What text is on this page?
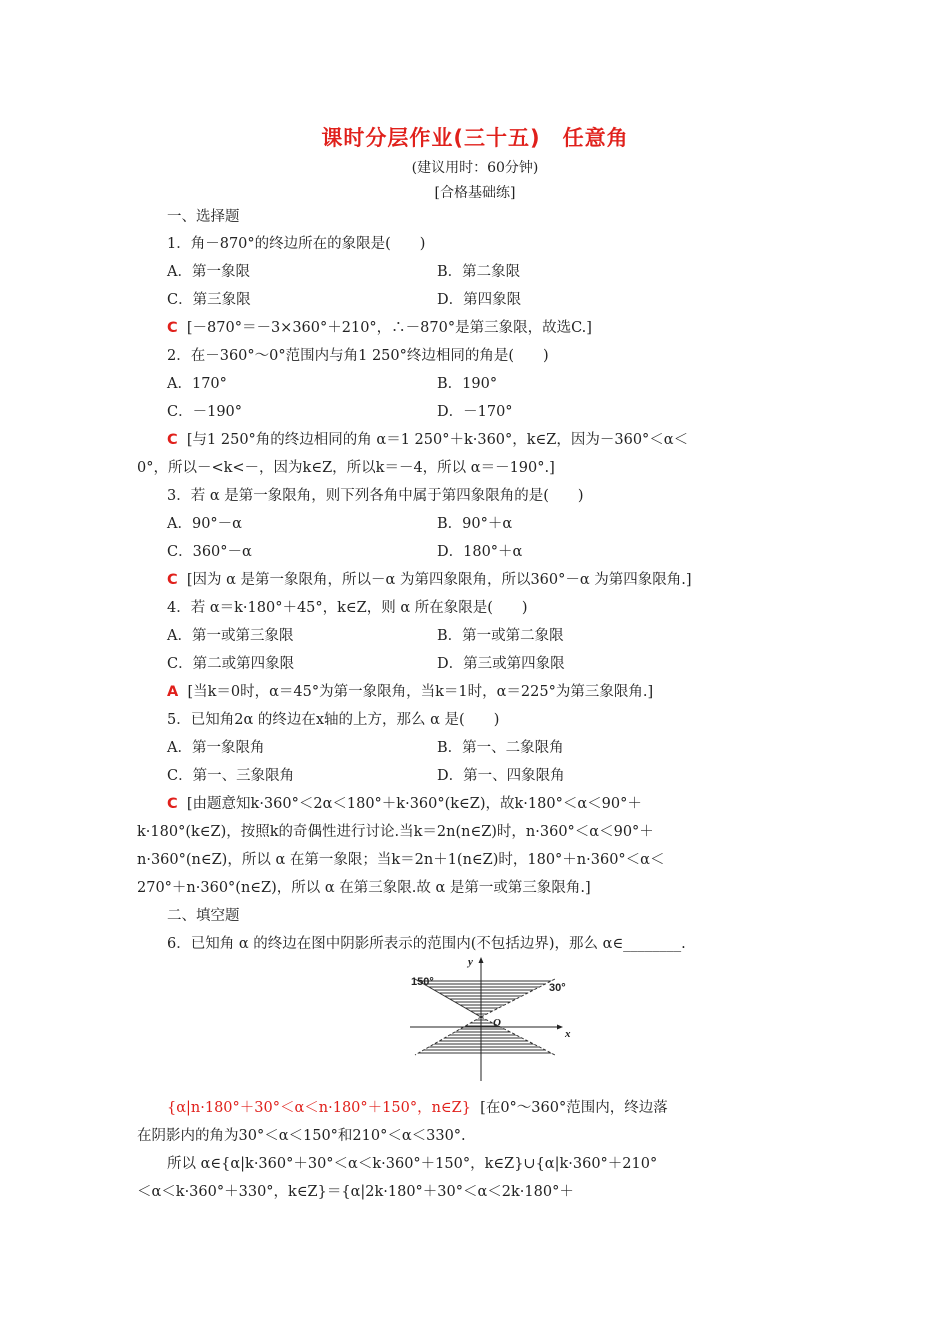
课时分层作业(三十五)　任意角
(建议用时：60分钟)
[合格基础练]
一、选择题
1．角－870°的终边所在的象限是(　　)
A．第一象限	B．第二象限
C．第三象限	D．第四象限
C [－870°＝－3×360°＋210°，∴－870°是第三象限，故选C.]
2．在－360°～0°范围内与角1 250°终边相同的角是(　　)
A．170°	B．190°
C．－190°	D．－170°
C [与1 250°角的终边相同的角 α＝1 250°＋k·360°，k∈Z，因为－360°＜α＜
0°，所以－<k<－，因为k∈Z，所以k＝－4，所以 α＝－190°.]
3．若 α 是第一象限角，则下列各角中属于第四象限角的是(　　)
A．90°－α	B．90°＋α
C．360°－α	D．180°＋α
C [因为 α 是第一象限角，所以－α 为第四象限角，所以360°－α 为第四象限角.]
4．若 α＝k·180°＋45°，k∈Z，则 α 所在象限是(　　)
A．第一或第三象限	B．第一或第二象限
C．第二或第四象限	D．第三或第四象限
A [当k＝0时，α＝45°为第一象限角，当k＝1时，α＝225°为第三象限角.]
5．已知角2α 的终边在x轴的上方，那么 α 是(　　)
A．第一象限角	B．第一、二象限角
C．第一、三象限角	D．第一、四象限角
C [由题意知k·360°＜2α＜180°＋k·360°(k∈Z)，故k·180°＜α＜90°＋
k·180°(k∈Z)，按照k的奇偶性进行讨论.当k＝2n(n∈Z)时，n·360°＜α＜90°＋
n·360°(n∈Z)，所以 α 在第一象限；当k＝2n＋1(n∈Z)时，180°＋n·360°＜α＜
270°＋n·360°(n∈Z)，所以 α 在第三象限.故 α 是第一或第三象限角.]
二、填空题
6．已知角 α 的终边在图中阴影所表示的范围内(不包括边界)，那么 α∈________.
150°	30°
x
y
O
{α|n·180°＋30°＜α＜n·180°＋150°，n∈Z} [在0°～360°范围内，终边落
在阴影内的角为30°＜α＜150°和210°＜α＜330°.
所以 α∈{α|k·360°＋30°＜α＜k·360°＋150°，k∈Z}∪{α|k·360°＋210°
＜α＜k·360°＋330°，k∈Z}＝{α|2k·180°＋30°＜α＜2k·180°＋
